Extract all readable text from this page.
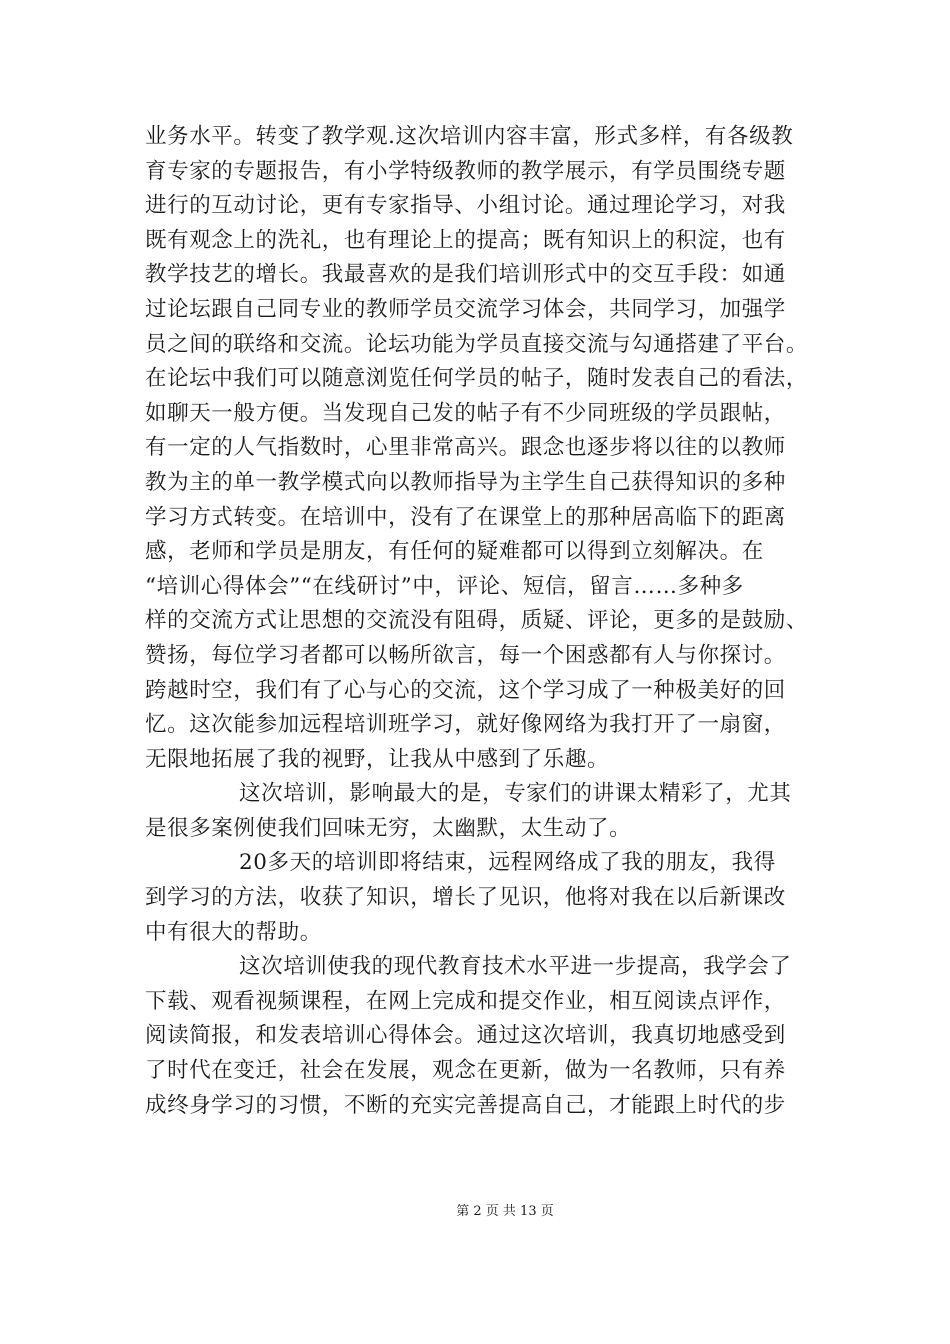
业务水平。转变了教学观.这次培训内容丰富，形式多样，有各级教
育专家的专题报告，有小学特级教师的教学展示，有学员围绕专题
进行的互动讨论，更有专家指导、小组讨论。通过理论学习，对我
既有观念上的洗礼，也有理论上的提高；既有知识上的积淀，也有
教学技艺的增长。我最喜欢的是我们培训形式中的交互手段：如通
过论坛跟自己同专业的教师学员交流学习体会，共同学习，加强学
员之间的联络和交流。论坛功能为学员直接交流与勾通搭建了平台。
在论坛中我们可以随意浏览任何学员的帖子，随时发表自己的看法，
如聊天一般方便。当发现自己发的帖子有不少同班级的学员跟帖，
有一定的人气指数时，心里非常高兴。跟念也逐步将以往的以教师
教为主的单一教学模式向以教师指导为主学生自己获得知识的多种
学习方式转变。在培训中，没有了在课堂上的那种居高临下的距离
感，老师和学员是朋友，有任何的疑难都可以得到立刻解决。在
“培训心得体会”“在线研讨”中，评论、短信，留言……多种多
样的交流方式让思想的交流没有阻碍，质疑、评论，更多的是鼓励、
赞扬，每位学习者都可以畅所欲言，每一个困惑都有人与你探讨。
跨越时空，我们有了心与心的交流，这个学习成了一种极美好的回
忆。这次能参加远程培训班学习，就好像网络为我打开了一扇窗，
无限地拓展了我的视野，让我从中感到了乐趣。
这次培训，影响最大的是，专家们的讲课太精彩了，尤其
是很多案例使我们回味无穷，太幽默，太生动了。
20多天的培训即将结束，远程网络成了我的朋友，我得
到学习的方法，收获了知识，增长了见识，他将对我在以后新课改
中有很大的帮助。
这次培训使我的现代教育技术水平进一步提高，我学会了
下载、观看视频课程，在网上完成和提交作业，相互阅读点评作，
阅读简报，和发表培训心得体会。通过这次培训，我真切地感受到
了时代在变迁，社会在发展，观念在更新，做为一名教师，只有养
成终身学习的习惯，不断的充实完善提高自己，才能跟上时代的步
第 2 页 共 13 页
